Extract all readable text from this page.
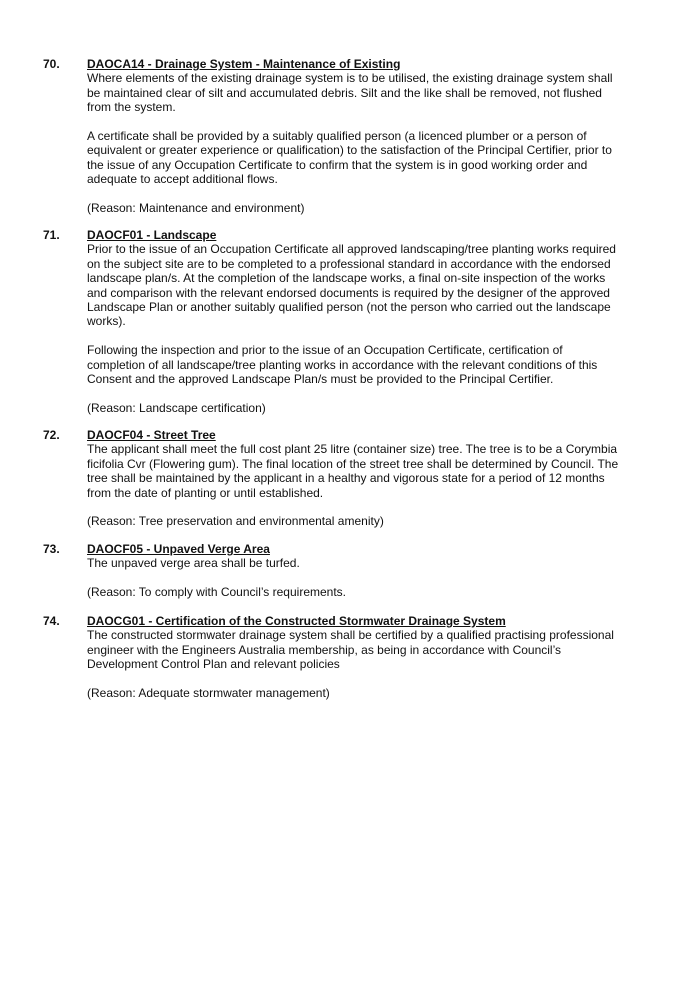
70. DAOCA14 - Drainage System - Maintenance of Existing
Where elements of the existing drainage system is to be utilised, the existing drainage system shall
be maintained clear of silt and accumulated debris. Silt and the like shall be removed, not flushed
from the system.
A certificate shall be provided by a suitably qualified person (a licenced plumber or a person of
equivalent or greater experience or qualification) to the satisfaction of the Principal Certifier, prior to
the issue of any Occupation Certificate to confirm that the system is in good working order and
adequate to accept additional flows.
(Reason: Maintenance and environment)
71. DAOCF01 - Landscape
Prior to the issue of an Occupation Certificate all approved landscaping/tree planting works required
on the subject site are to be completed to a professional standard in accordance with the endorsed
landscape plan/s. At the completion of the landscape works, a final on-site inspection of the works
and comparison with the relevant endorsed documents is required by the designer of the approved
Landscape Plan or another suitably qualified person (not the person who carried out the landscape
works).
Following the inspection and prior to the issue of an Occupation Certificate, certification of
completion of all landscape/tree planting works in accordance with the relevant conditions of this
Consent and the approved Landscape Plan/s must be provided to the Principal Certifier.
(Reason: Landscape certification)
72. DAOCF04 - Street Tree
The applicant shall meet the full cost plant 25 litre (container size) tree. The tree is to be a Corymbia
ficifolia Cvr (Flowering gum). The final location of the street tree shall be determined by Council. The
tree shall be maintained by the applicant in a healthy and vigorous state for a period of 12 months
from the date of planting or until established.
(Reason: Tree preservation and environmental amenity)
73. DAOCF05 - Unpaved Verge Area
The unpaved verge area shall be turfed.
(Reason: To comply with Council’s requirements.
74. DAOCG01 - Certification of the Constructed Stormwater Drainage System
The constructed stormwater drainage system shall be certified by a qualified practising professional
engineer with the Engineers Australia membership, as being in accordance with Council’s
Development Control Plan and relevant policies
(Reason: Adequate stormwater management)
